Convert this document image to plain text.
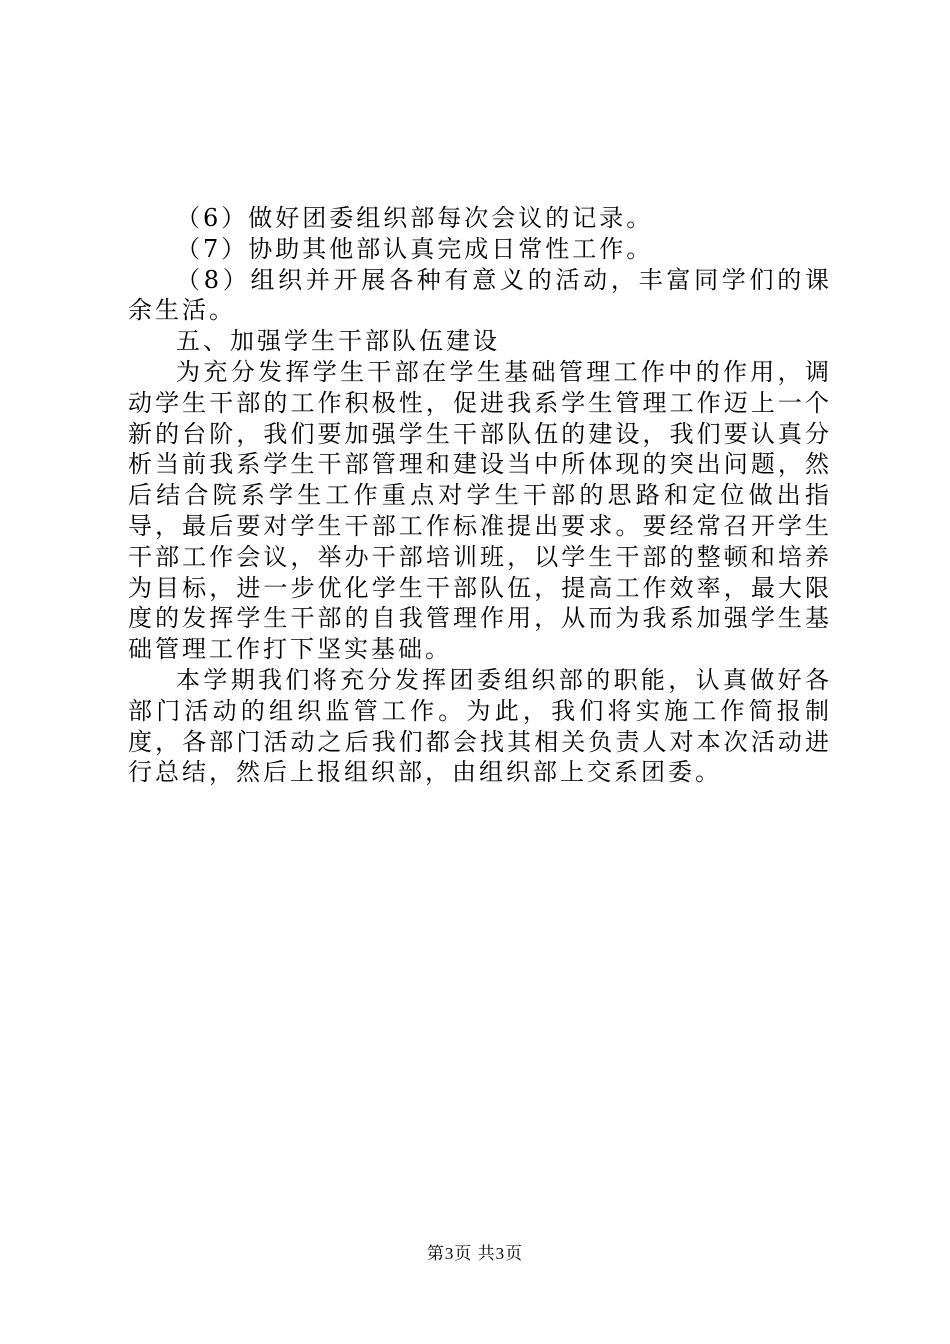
（6）做好团委组织部每次会议的记录。

（7）协助其他部认真完成日常性工作。

（8）组织并开展各种有意义的活动，丰富同学们的课余生活。

五、加强学生干部队伍建设

为充分发挥学生干部在学生基础管理工作中的作用，调动学生干部的工作积极性，促进我系学生管理工作迈上一个新的台阶，我们要加强学生干部队伍的建设，我们要认真分析当前我系学生干部管理和建设当中所体现的突出问题，然后结合院系学生工作重点对学生干部的思路和定位做出指导，最后要对学生干部工作标准提出要求。要经常召开学生干部工作会议，举办干部培训班，以学生干部的整顿和培养为目标，进一步优化学生干部队伍，提高工作效率，最大限度的发挥学生干部的自我管理作用，从而为我系加强学生基础管理工作打下坚实基础。

本学期我们将充分发挥团委组织部的职能，认真做好各部门活动的组织监管工作。为此，我们将实施工作简报制度，各部门活动之后我们都会找其相关负责人对本次活动进行总结，然后上报组织部，由组织部上交系团委。

第3页 共3页
